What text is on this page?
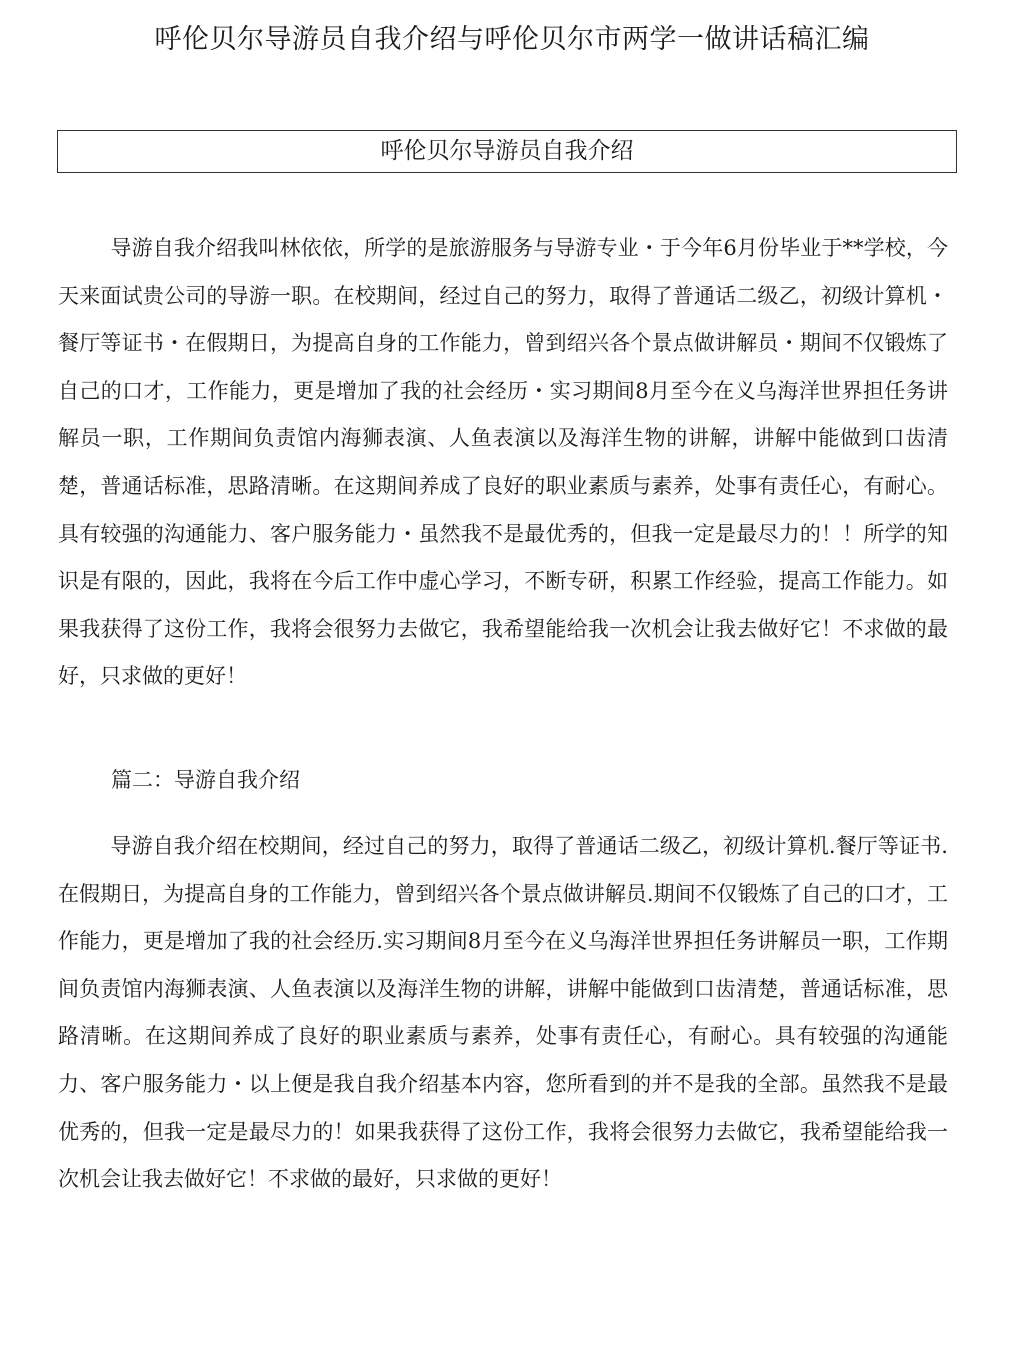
呼伦贝尔导游员自我介绍与呼伦贝尔市两学一做讲话稿汇编
呼伦贝尔导游员自我介绍

导游自我介绍我叫林依依，所学的是旅游服务与导游专业・于今年6月份毕业于**学校，今天来面试贵公司的导游一职。在校期间，经过自己的努力，取得了普通话二级乙，初级计算机・餐厅等证书・在假期日，为提高自身的工作能力，曾到绍兴各个景点做讲解员・期间不仅锻炼了自己的口才，工作能力，更是增加了我的社会经历・实习期间8月至今在义乌海洋世界担任务讲解员一职，工作期间负责馆内海狮表演、人鱼表演以及海洋生物的讲解，讲解中能做到口齿清楚，普通话标准，思路清晰。在这期间养成了良好的职业素质与素养，处事有责任心，有耐心。具有较强的沟通能力、客户服务能力・虽然我不是最优秀的，但我一定是最尽力的！！所学的知识是有限的，因此，我将在今后工作中虚心学习，不断专研，积累工作经验，提高工作能力。如果我获得了这份工作，我将会很努力去做它，我希望能给我一次机会让我去做好它！不求做的最好，只求做的更好！

篇二：导游自我介绍

导游自我介绍在校期间，经过自己的努力，取得了普通话二级乙，初级计算机.餐厅等证书.在假期日，为提高自身的工作能力，曾到绍兴各个景点做讲解员.期间不仅锻炼了自己的口才，工作能力，更是增加了我的社会经历.实习期间8月至今在义乌海洋世界担任务讲解员一职，工作期间负责馆内海狮表演、人鱼表演以及海洋生物的讲解，讲解中能做到口齿清楚，普通话标准，思路清晰。在这期间养成了良好的职业素质与素养，处事有责任心，有耐心。具有较强的沟通能力、客户服务能力・以上便是我自我介绍基本内容，您所看到的并不是我的全部。虽然我不是最优秀的，但我一定是最尽力的！如果我获得了这份工作，我将会很努力去做它，我希望能给我一次机会让我去做好它！不求做的最好，只求做的更好！
